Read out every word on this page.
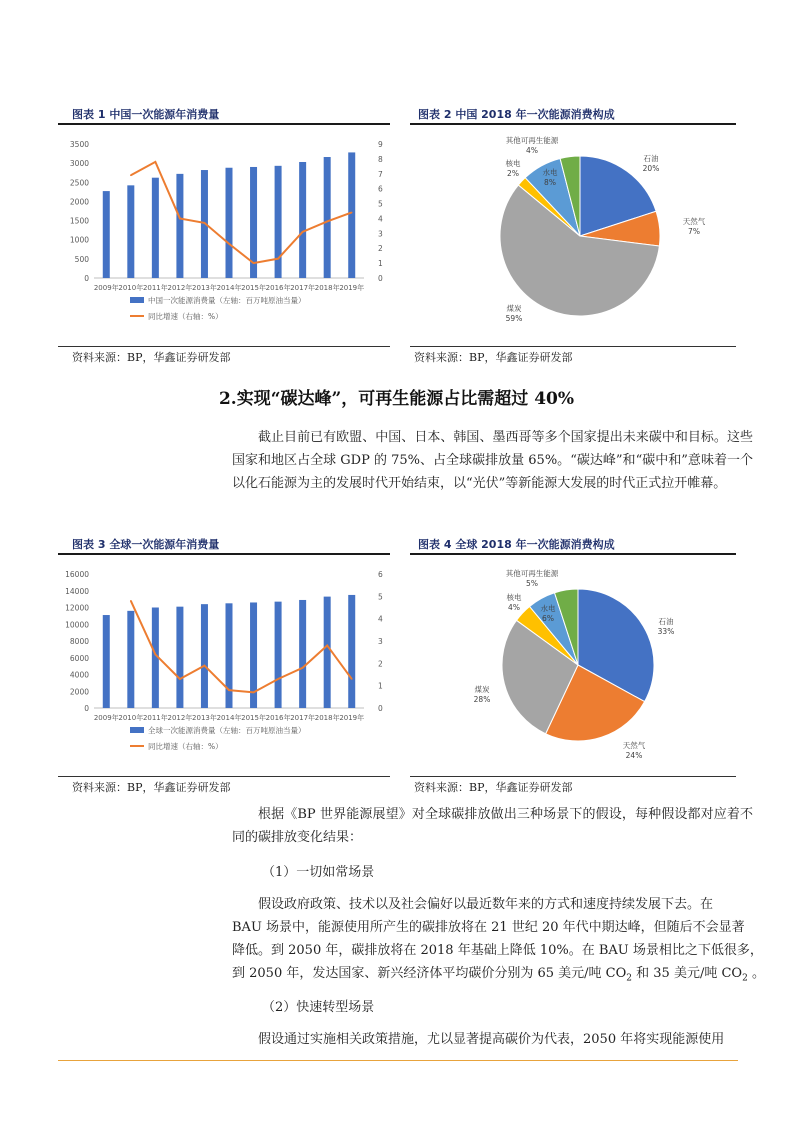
图表 1 中国一次能源年消费量
0
500
1000
1500
2000
2500
3000
3500
0
1
2
3
4
5
6
7
8
9
2009年 2010年 2011年 2012年 2013年 2014年 2015年 2016年 2017年 2018年 2019年
中国一次能源消费量（左轴：百万吨原油当量）
同比增速（右轴：%）
资料来源：BP，华鑫证券研发部
图表 2 中国 2018 年一次能源消费构成
石油
20%
天然气
7%
煤炭
59%
核电
2%	水电
8%
其他可再生能源
4%
资料来源：BP，华鑫证券研发部
2.实现“碳达峰”，可再生能源占比需超过 40%

截止目前已有欧盟、中国、日本、韩国、墨西哥等多个国家提出未来碳中和目标。这些国家和地区占全球 GDP 的 75%、占全球碳排放量 65%。“碳达峰”和“碳中和”意味着一个以化石能源为主的发展时代开始结束，以“光伏”等新能源大发展的时代正式拉开帷幕。

图表 3 全球一次能源年消费量
0
2000
4000
6000
8000
10000
12000
14000
16000
0
1
2
3
4
5
6
2009年 2010年 2011年 2012年 2013年 2014年 2015年 2016年 2017年 2018年 2019年
全球一次能源消费量（左轴：百万吨原油当量）
同比增速（右轴：%）
资料来源：BP，华鑫证券研发部
图表 4 全球 2018 年一次能源消费构成
石油
33%
天然气
24%
煤炭
28%
核电
4%	水电
6%
其他可再生能源
5%
资料来源：BP，华鑫证券研发部

根据《BP 世界能源展望》对全球碳排放做出三种场景下的假设，每种假设都对应着不同的碳排放变化结果：

（1）一切如常场景
假设政府政策、技术以及社会偏好以最近数年来的方式和速度持续发展下去。在
BAU 场景中，能源使用所产生的碳排放将在 21 世纪 20 年代中期达峰，但随后不会显著
降低。到 2050 年，碳排放将在 2018 年基础上降低 10%。在 BAU 场景相比之下低很多，
到 2050 年，发达国家、新兴经济体平均碳价分别为 65 美元/吨 $CO_2$ 和 35 美元/吨 $CO_2$ 。
（2）快速转型场景
假设通过实施相关政策措施，尤以显著提高碳价为代表，2050 年将实现能源使用
